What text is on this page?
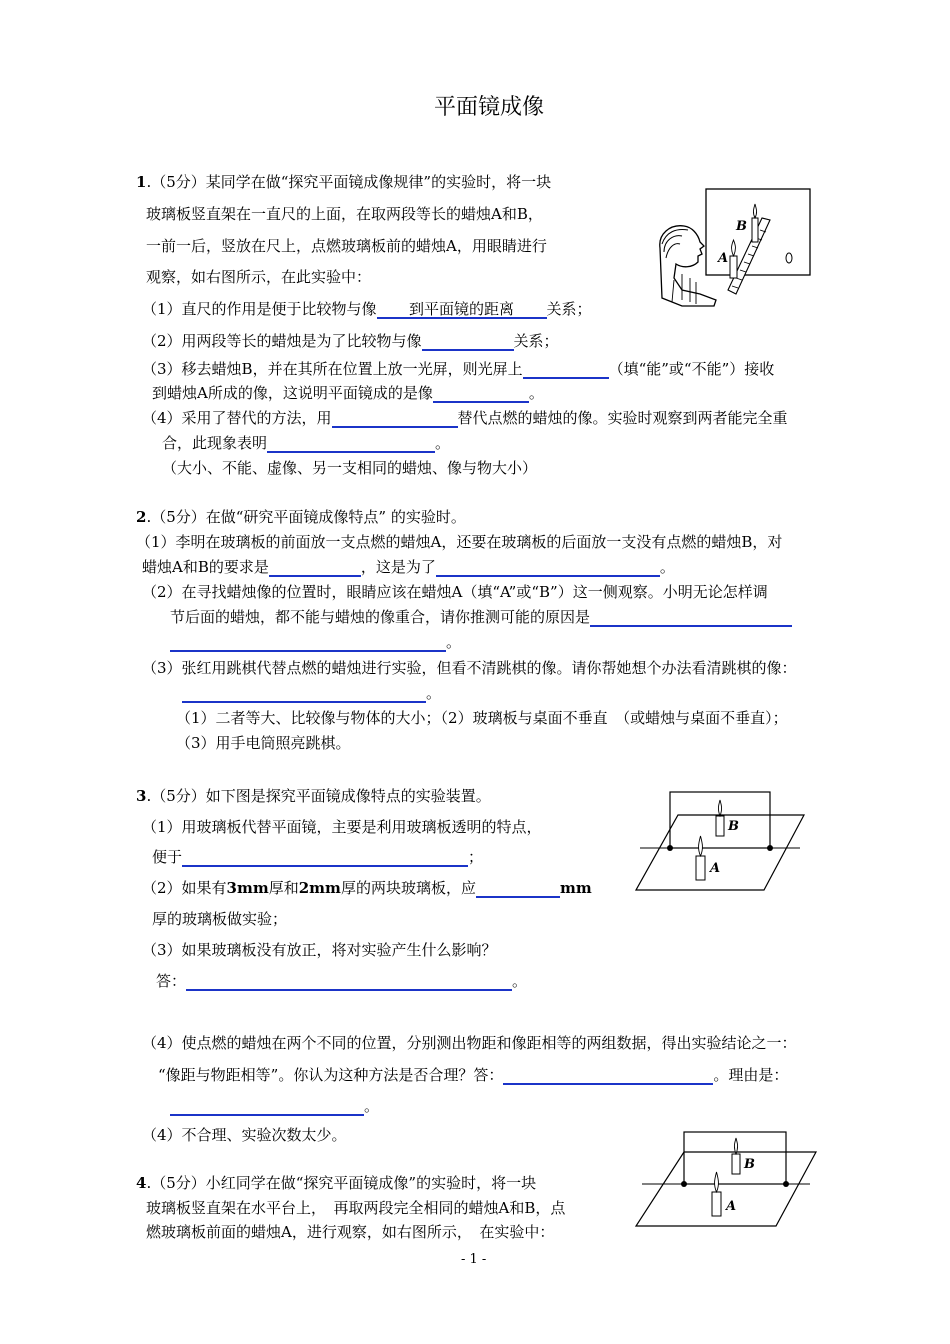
平面镜成像
1.（5分）某同学在做“探究平面镜成像规律”的实验时，将一块
玻璃板竖直架在一直尺的上面，在取两段等长的蜡烛A和B，
一前一后，竖放在尺上，点燃玻璃板前的蜡烛A，用眼睛进行
观察，如右图所示，在此实验中：
（1）直尺的作用是便于比较物与像 到平面镜的距离 关系；
（2）用两段等长的蜡烛是为了比较物与像	关系；
（3）移去蜡烛B，并在其所在位置上放一光屏，则光屏上	（填“能”或“不能”）接收
到蜡烛A所成的像，这说明平面镜成的是像	。
（4）采用了替代的方法，用	替代点燃的蜡烛的像。实验时观察到两者能完全重
合，此现象表明	。
（大小、不能、虚像、另一支相同的蜡烛、像与物大小）
B
A
2.（5分）在做“研究平面镜成像特点” 的实验时。
（1）李明在玻璃板的前面放一支点燃的蜡烛A，还要在玻璃板的后面放一支没有点燃的蜡烛B，对
蜡烛A和B的要求是	，这是为了	。
（2）在寻找蜡烛像的位置时，眼睛应该在蜡烛A（填“A”或“B”）这一侧观察。小明无论怎样调
节后面的蜡烛，都不能与蜡烛的像重合，请你推测可能的原因是
。
（3）张红用跳棋代替点燃的蜡烛进行实验，但看不清跳棋的像。请你帮她想个办法看清跳棋的像：
。
（1）二者等大、比较像与物体的大小；（2）玻璃板与桌面不垂直　（或蜡烛与桌面不垂直）；
（3）用手电筒照亮跳棋。
3.（5分）如下图是探究平面镜成像特点的实验装置。
（1）用玻璃板代替平面镜，主要是利用玻璃板透明的特点，
便于	；
（2）如果有3mm厚和2mm厚的两块玻璃板，应	mm
厚的玻璃板做实验；
（3）如果玻璃板没有放正，将对实验产生什么影响？
答：	。
（4）使点燃的蜡烛在两个不同的位置，分别测出物距和像距相等的两组数据，得出实验结论之一：
“像距与物距相等”。你认为这种方法是否合理？答：	。理由是：
。
（4）不合理、实验次数太少。
B
A
4.（5分）小红同学在做“探究平面镜成像”的实验时，将一块
玻璃板竖直架在水平台上，　再取两段完全相同的蜡烛A和B，点
燃玻璃板前面的蜡烛A，进行观察，如右图所示，　在实验中：
B
A
- 1 -
